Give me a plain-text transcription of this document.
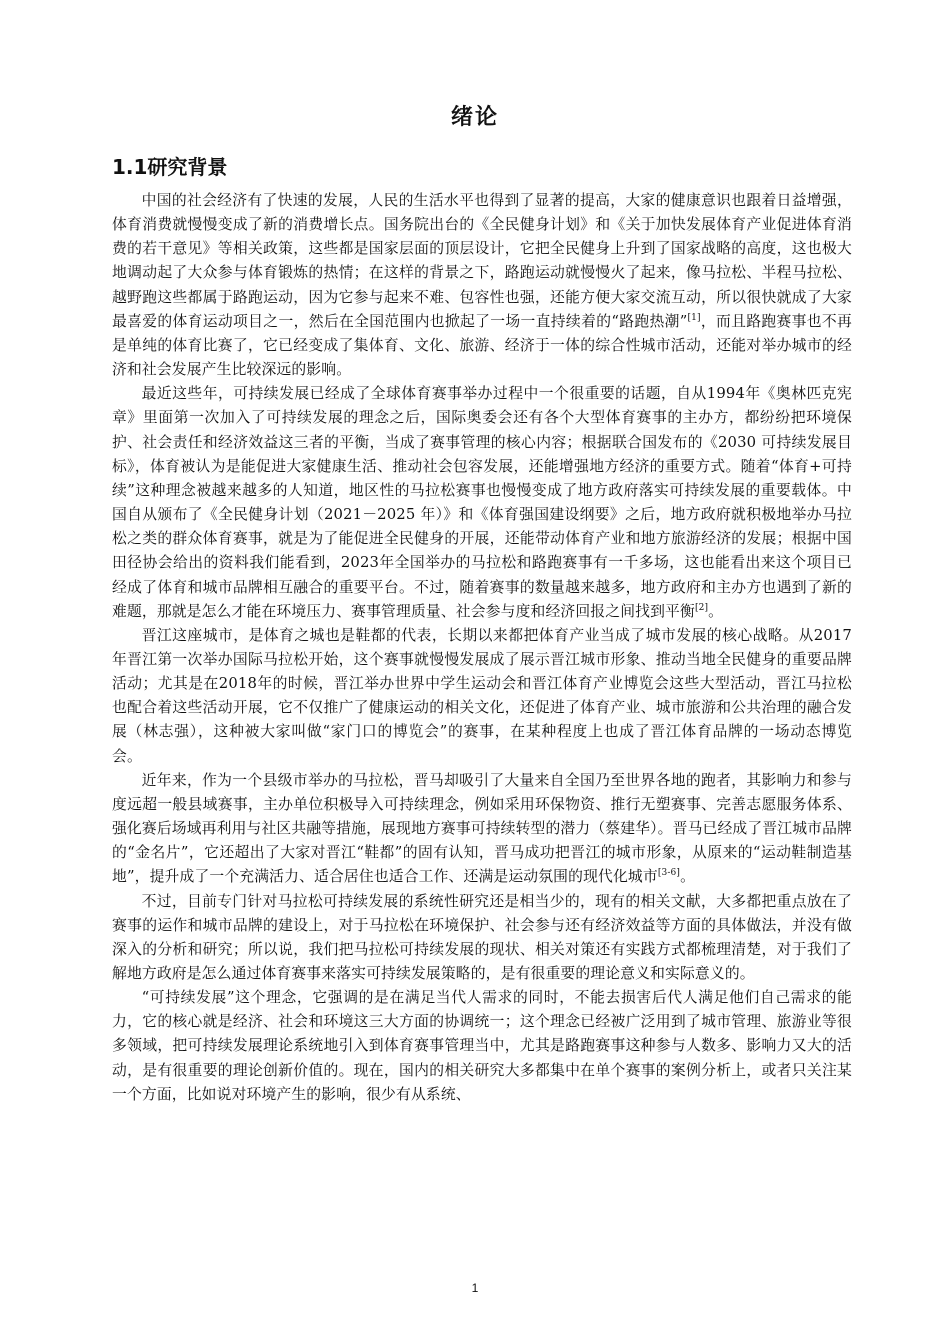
绪论
1.1研究背景

中国的社会经济有了快速的发展，人民的生活水平也得到了显著的提高，大家的健康意识也跟着日益增强，体育消费就慢慢变成了新的消费增长点。国务院出台的《全民健身计划》和《关于加快发展体育产业促进体育消费的若干意见》等相关政策，这些都是国家层面的顶层设计，它把全民健身上升到了国家战略的高度，这也极大地调动起了大众参与体育锻炼的热情；在这样的背景之下，路跑运动就慢慢火了起来，像马拉松、半程马拉松、越野跑这些都属于路跑运动，因为它参与起来不难、包容性也强，还能方便大家交流互动，所以很快就成了大家最喜爱的体育运动项目之一，然后在全国范围内也掀起了一场一直持续着的“路跑热潮”[1]，而且路跑赛事也不再是单纯的体育比赛了，它已经变成了集体育、文化、旅游、经济于一体的综合性城市活动，还能对举办城市的经济和社会发展产生比较深远的影响。

最近这些年，可持续发展已经成了全球体育赛事举办过程中一个很重要的话题，自从1994年《奥林匹克宪章》里面第一次加入了可持续发展的理念之后，国际奥委会还有各个大型体育赛事的主办方，都纷纷把环境保护、社会责任和经济效益这三者的平衡，当成了赛事管理的核心内容；根据联合国发布的《2030 可持续发展目标》，体育被认为是能促进大家健康生活、推动社会包容发展，还能增强地方经济的重要方式。随着“体育+可持续”这种理念被越来越多的人知道，地区性的马拉松赛事也慢慢变成了地方政府落实可持续发展的重要载体。中国自从颁布了《全民健身计划（2021－2025 年）》和《体育强国建设纲要》之后，地方政府就积极地举办马拉松之类的群众体育赛事，就是为了能促进全民健身的开展，还能带动体育产业和地方旅游经济的发展；根据中国田径协会给出的资料我们能看到，2023年全国举办的马拉松和路跑赛事有一千多场，这也能看出来这个项目已经成了体育和城市品牌相互融合的重要平台。不过，随着赛事的数量越来越多，地方政府和主办方也遇到了新的难题，那就是怎么才能在环境压力、赛事管理质量、社会参与度和经济回报之间找到平衡[2]。

晋江这座城市，是体育之城也是鞋都的代表，长期以来都把体育产业当成了城市发展的核心战略。从2017年晋江第一次举办国际马拉松开始，这个赛事就慢慢发展成了展示晋江城市形象、推动当地全民健身的重要品牌活动；尤其是在2018年的时候，晋江举办世界中学生运动会和晋江体育产业博览会这些大型活动，晋江马拉松也配合着这些活动开展，它不仅推广了健康运动的相关文化，还促进了体育产业、城市旅游和公共治理的融合发展（林志强），这种被大家叫做“家门口的博览会”的赛事，在某种程度上也成了晋江体育品牌的一场动态博览会。

近年来，作为一个县级市举办的马拉松，晋马却吸引了大量来自全国乃至世界各地的跑者，其影响力和参与度远超一般县域赛事，主办单位积极导入可持续理念，例如采用环保物资、推行无塑赛事、完善志愿服务体系、强化赛后场域再利用与社区共融等措施，展现地方赛事可持续转型的潜力（蔡建华）。晋马已经成了晋江城市品牌的“金名片”，它还超出了大家对晋江“鞋都”的固有认知，晋马成功把晋江的城市形象，从原来的“运动鞋制造基地”，提升成了一个充满活力、适合居住也适合工作、还满是运动氛围的现代化城市[3-6]。

不过，目前专门针对马拉松可持续发展的系统性研究还是相当少的，现有的相关文献，大多都把重点放在了赛事的运作和城市品牌的建设上，对于马拉松在环境保护、社会参与还有经济效益等方面的具体做法，并没有做深入的分析和研究；所以说，我们把马拉松可持续发展的现状、相关对策还有实践方式都梳理清楚，对于我们了解地方政府是怎么通过体育赛事来落实可持续发展策略的，是有很重要的理论意义和实际意义的。

“可持续发展”这个理念，它强调的是在满足当代人需求的同时，不能去损害后代人满足他们自己需求的能力，它的核心就是经济、社会和环境这三大方面的协调统一；这个理念已经被广泛用到了城市管理、旅游业等很多领域，把可持续发展理论系统地引入到体育赛事管理当中，尤其是路跑赛事这种参与人数多、影响力又大的活动，是有很重要的理论创新价值的。现在，国内的相关研究大多都集中在单个赛事的案例分析上，或者只关注某一个方面，比如说对环境产生的影响，很少有从系统、

1
